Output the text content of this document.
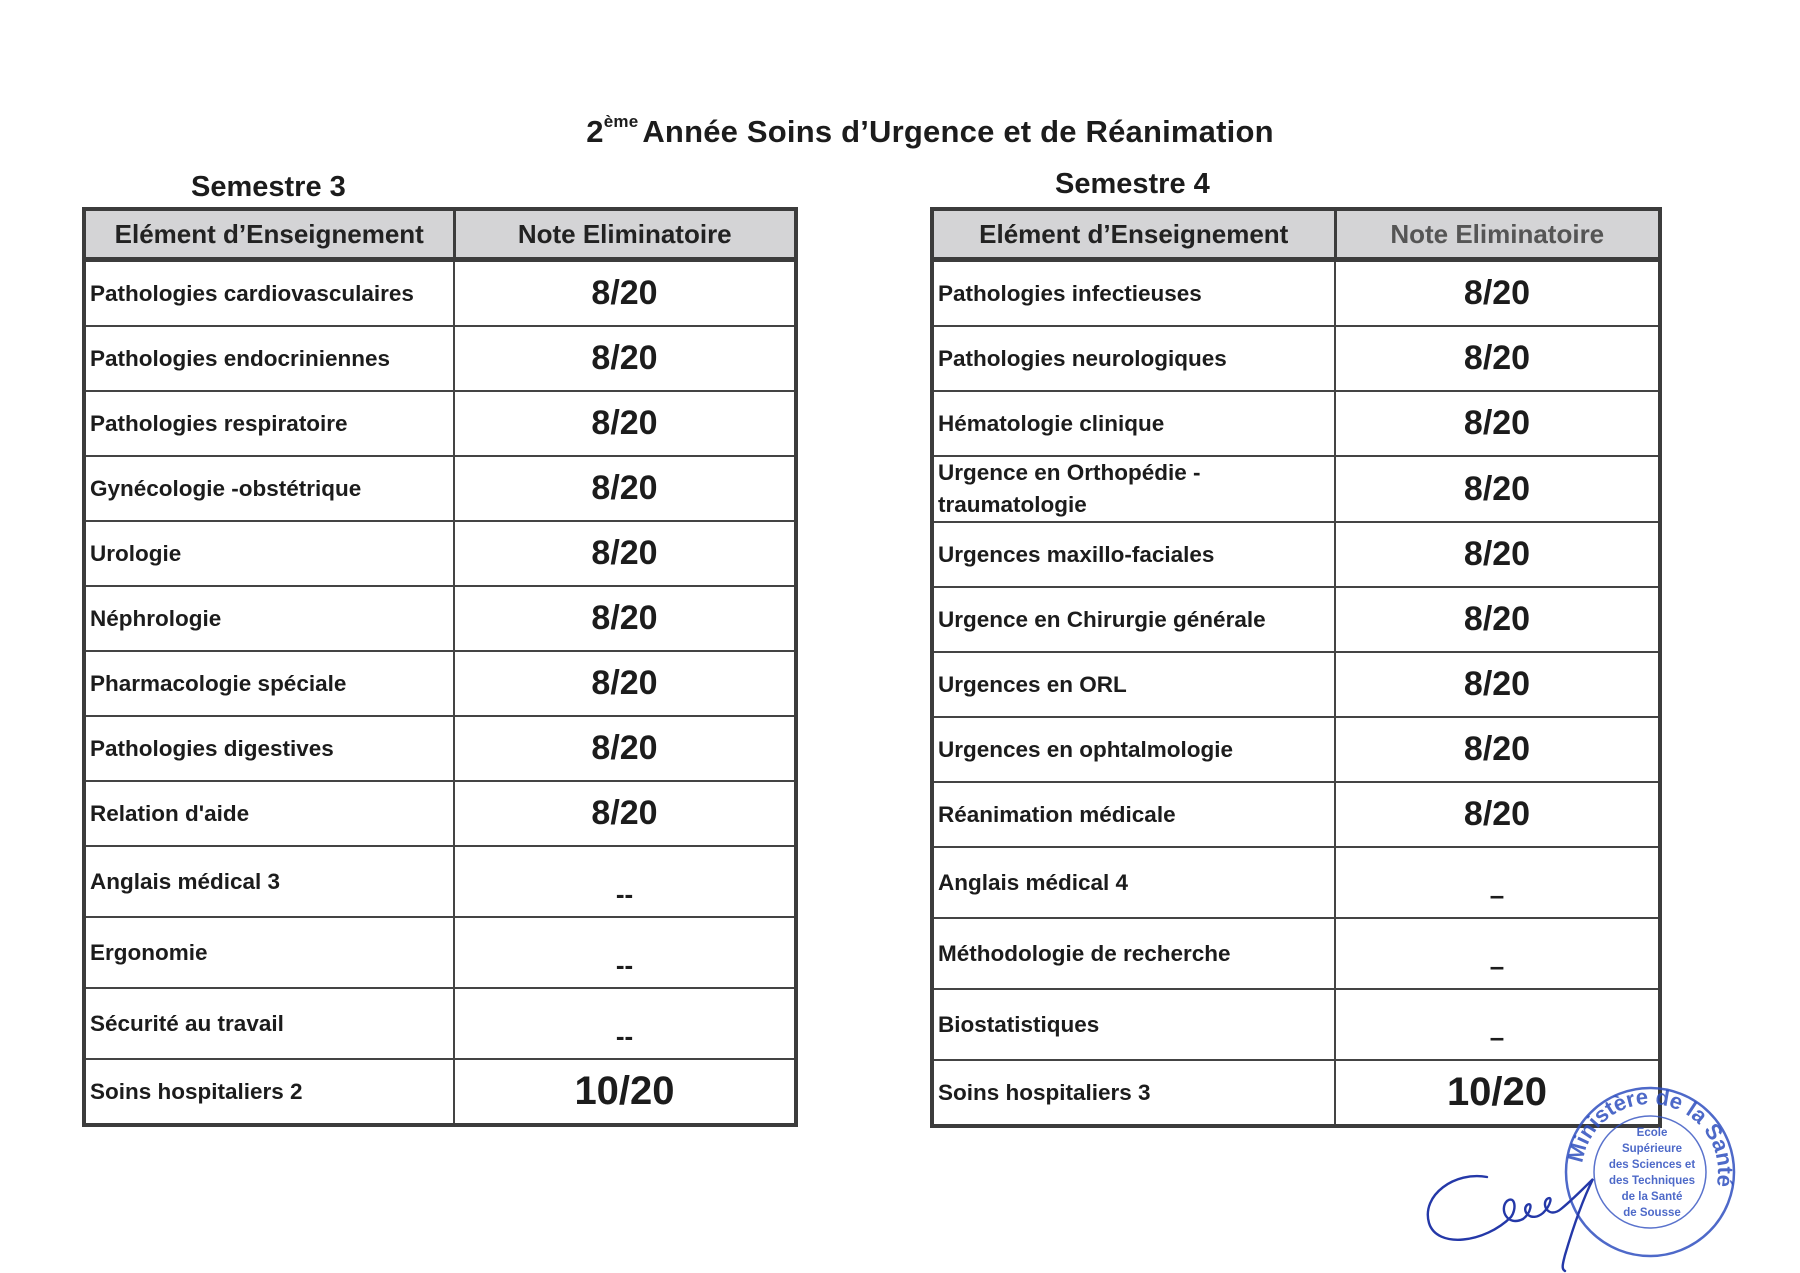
2ème Année Soins d’Urgence et de Réanimation
Semestre 3	Semestre 4
Elément d’Enseignement	Note Eliminatoire
Pathologies cardiovasculaires	8/20
Pathologies endocriniennes	8/20
Pathologies respiratoire	8/20
Gynécologie -obstétrique	8/20
Urologie	8/20
Néphrologie	8/20
Pharmacologie spéciale	8/20
Pathologies digestives	8/20
Relation d'aide	8/20
Anglais médical 3	--
Ergonomie	--
Sécurité au travail	--
Soins hospitaliers 2	10/20
Elément d’Enseignement	Note Eliminatoire
Pathologies infectieuses	8/20
Pathologies neurologiques	8/20
Hématologie clinique	8/20
Urgence en Orthopédie - traumatologie	8/20
Urgences maxillo-faciales	8/20
Urgence en Chirurgie générale	8/20
Urgences en ORL	8/20
Urgences en ophtalmologie	8/20
Réanimation médicale	8/20
Anglais médical 4	–
Méthodologie de recherche	–
Biostatistiques	–
Soins hospitaliers 3	10/20
Ministère de la Santé
Ecole
Supérieure
des Sciences et
des Techniques
de la Santé
de Sousse
